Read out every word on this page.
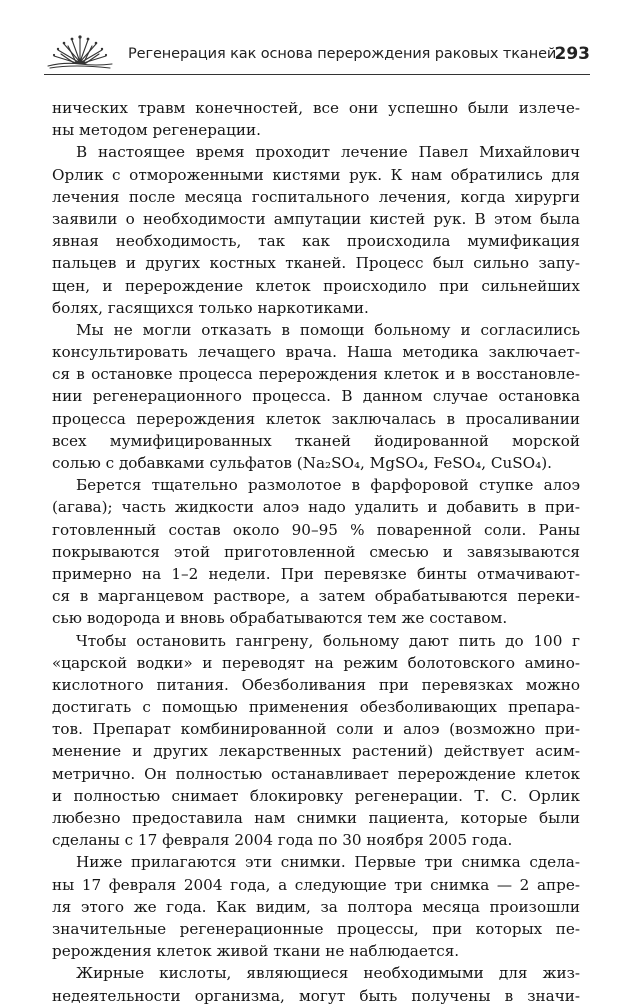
Регенерация как основа перерождения раковых тканей
293
нических травм конечностей, все они успешно были излече-
ны методом регенерации.
В настоящее время проходит лечение Павел Михайлович
Орлик с отмороженными кистями рук. К нам обратились для
лечения после месяца госпитального лечения, когда хирурги
заявили о необходимости ампутации кистей рук. В этом была
явная необходимость, так как происходила мумификация
пальцев и других костных тканей. Процесс был сильно запу-
щен, и перерождение клеток происходило при сильнейших
болях, гасящихся только наркотиками.
Мы не могли отказать в помощи больному и согласились
консультировать лечащего врача. Наша методика заключает-
ся в остановке процесса перерождения клеток и в восстановле-
нии регенерационного процесса. В данном случае остановка
процесса перерождения клеток заключалась в просаливании
всех мумифицированных тканей йодированной морской
солью с добавками сульфатов (Na₂SO₄, MgSO₄, FeSO₄, CuSO₄).
Берется тщательно размолотое в фарфоровой ступке алоэ
(агава); часть жидкости алоэ надо удалить и добавить в при-
готовленный состав около 90–95 % поваренной соли. Раны
покрываются этой приготовленной смесью и завязываются
примерно на 1–2 недели. При перевязке бинты отмачивают-
ся в марганцевом растворе, а затем обрабатываются переки-
сью водорода и вновь обрабатываются тем же составом.
Чтобы остановить гангрену, больному дают пить до 100 г
«царской водки» и переводят на режим болотовского амино-
кислотного питания. Обезболивания при перевязках можно
достигать с помощью применения обезболивающих препара-
тов. Препарат комбинированной соли и алоэ (возможно при-
менение и других лекарственных растений) действует асим-
метрично. Он полностью останавливает перерождение клеток
и полностью снимает блокировку регенерации. Т. С. Орлик
любезно предоставила нам снимки пациента, которые были
сделаны с 17 февраля 2004 года по 30 ноября 2005 года.
Ниже прилагаются эти снимки. Первые три снимка сдела-
ны 17 февраля 2004 года, а следующие три снимка — 2 апре-
ля этого же года. Как видим, за полтора месяца произошли
значительные регенерационные процессы, при которых пе-
рерождения клеток живой ткани не наблюдается.
Жирные кислоты, являющиеся необходимыми для жиз-
недеятельности организма, могут быть получены в значи-
